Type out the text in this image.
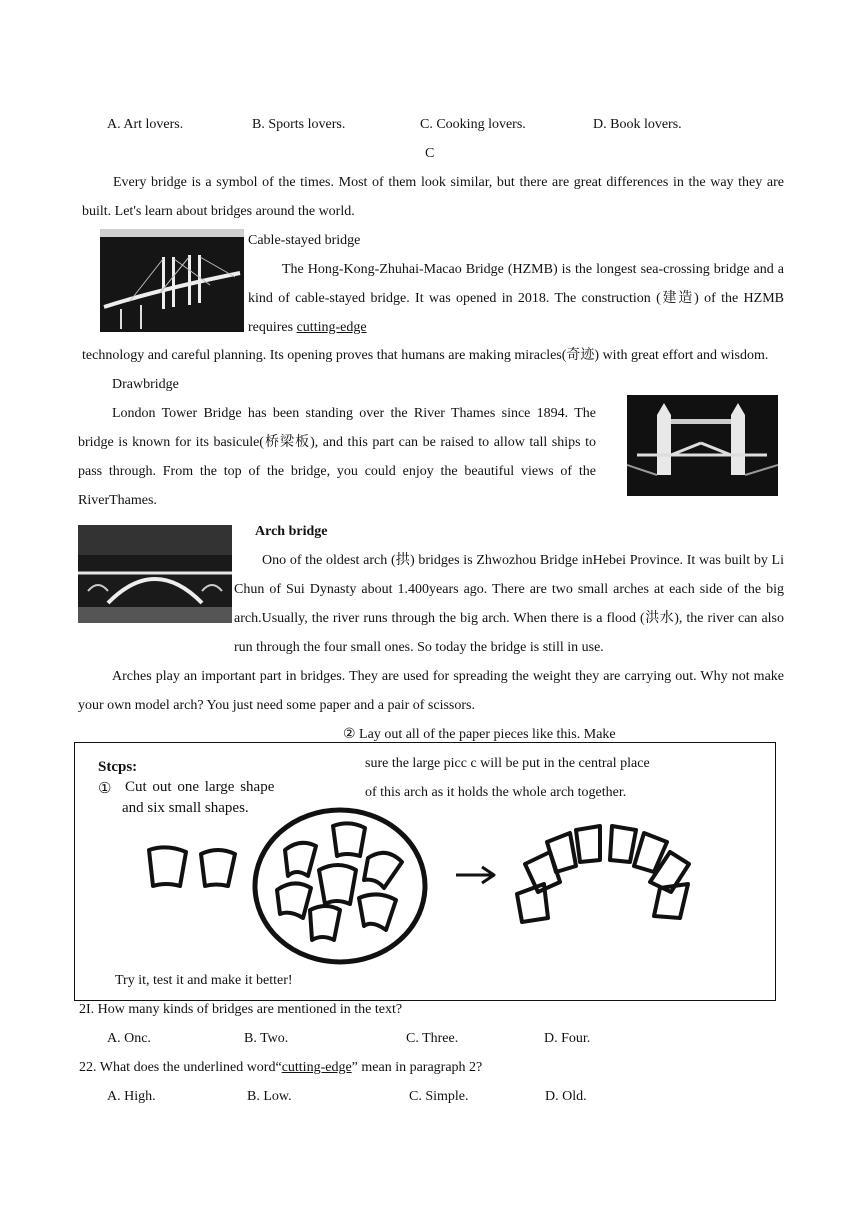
A. Art lovers.	B. Sports lovers.	C. Cooking lovers.	D. Book lovers.
C
Every bridge is a symbol of the times. Most of them look similar, but there are great differences in the way they are built. Let's learn about bridges around the world.
Cable-stayed bridge
The Hong-Kong-Zhuhai-Macao Bridge (HZMB) is the longest sea-crossing bridge and a kind of cable-stayed bridge. It was opened in 2018. The construction (建造) of the HZMB requires cutting-edge
technology and careful planning. Its opening proves that humans are making miracles(奇迹) with great effort and wisdom.
Drawbridge
London Tower Bridge has been standing over the River Thames since 1894. The bridge is known for its basicule(桥梁板), and this part can be raised to allow tall ships to pass through. From the top of the bridge, you could enjoy the beautiful views of the RiverThames.
Arch bridge
Ono of the oldest arch (拱) bridges is Zhwozhou Bridge inHebei Province. It was built by Li Chun of Sui Dynasty about 1.400years ago. There are two small arches at each side of the big arch.Usually, the river runs through the big arch. When there is a flood (洪水), the river can also run through the four small ones. So today the bridge is still in use.
Arches play an important part in bridges. They are used for spreading the weight they are carrying out. Why not make your own model arch? You just need some paper and a pair of scissors.
② Lay out all of the paper pieces like this. Make
Stcps:
① Cut out one large shape
and six small shapes.
sure the large picc c will be put in the central place
of this arch as it holds the whole arch together.
Try it, test it and make it better!
2I. How many kinds of bridges are mentioned in the text?
A. Onc.	B. Two.	C. Three.	D. Four.
22. What does the underlined word“cutting-edge” mean in paragraph 2?
A. High.	B. Low.	C. Simple.	D. Old.
